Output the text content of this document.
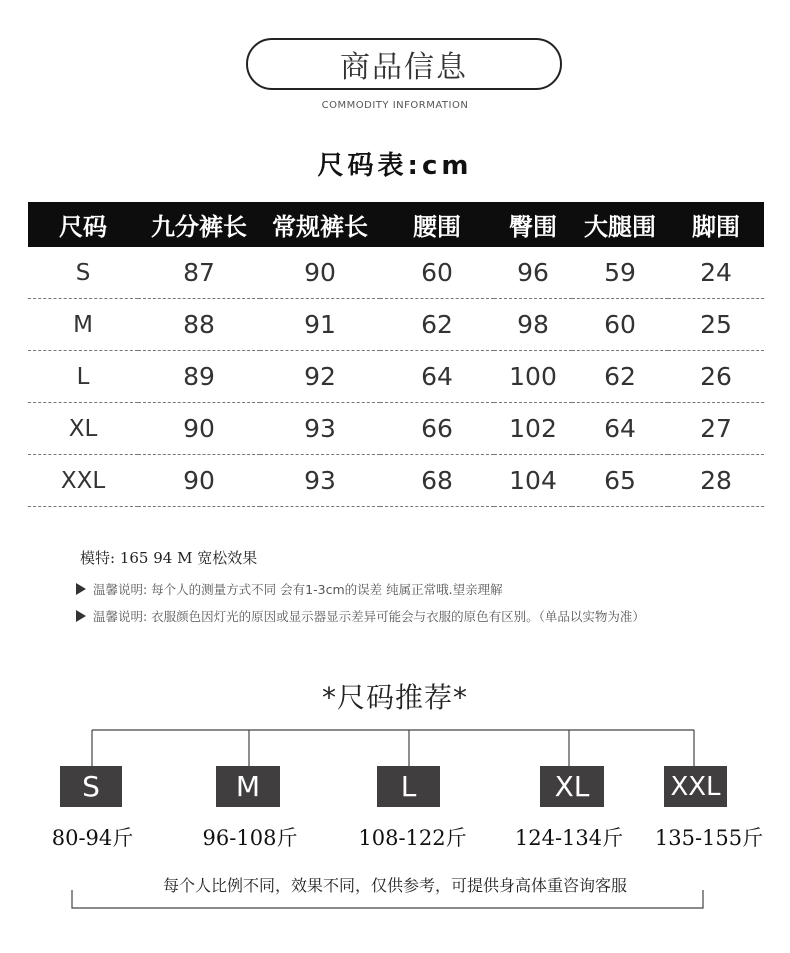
商品信息
COMMODITY INFORMATION
尺码表:cm
尺码	九分裤长	常规裤长	腰围	臀围	大腿围	脚围
S	87	90	60	96	59	24
M	88	91	62	98	60	25
L	89	92	64	100	62	26
XL	90	93	66	102	64	27
XXL	90	93	68	104	65	28
模特: 165 94 M 宽松效果
温馨说明: 每个人的测量方式不同 会有1-3cm的误差 纯属正常哦.望亲理解
温馨说明: 衣服颜色因灯光的原因或显示器显示差异可能会与衣服的原色有区别。（单品以实物为准）
*尺码推荐*
S	M	L	XL	XXL
80-94斤	96-108斤	108-122斤	124-134斤	135-155斤
每个人比例不同，效果不同，仅供参考，可提供身高体重咨询客服
